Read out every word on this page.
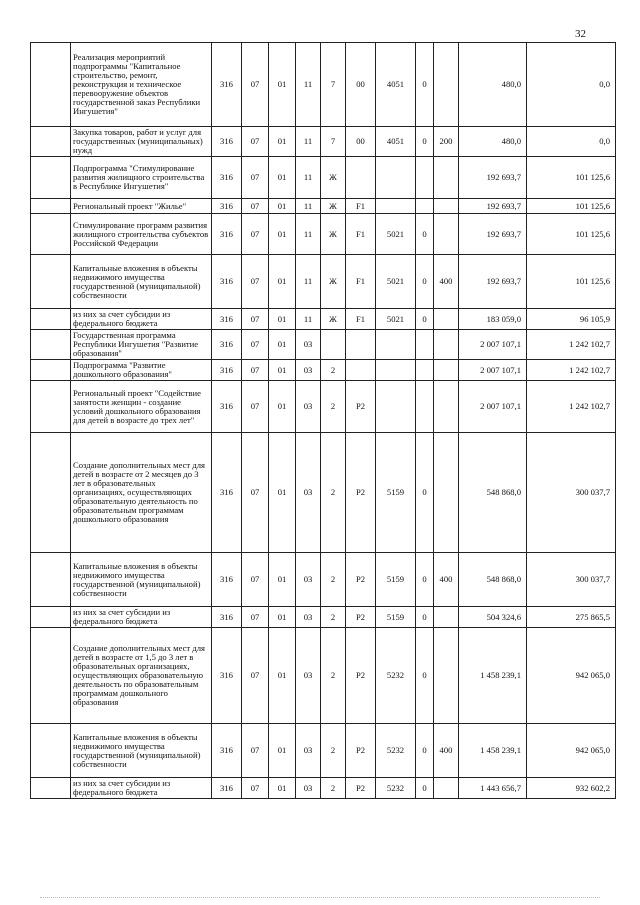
32
	Реализация мероприятий подпрограммы "Капитальное строительство, ремонт, реконструкция и техническое перевооружение объектов государственной заказ Республики Ингушетия"	316	07	01	11	7	00	4051	0		480,0	0,0
	Закупка товаров, работ и услуг для государственных (муниципальных) нужд	316	07	01	11	7	00	4051	0	200	480,0	0,0
	Подпрограмма "Стимулирование развития жилищного строительства в Республике Ингушетия"	316	07	01	11	Ж					192 693,7	101 125,6
	Региональный проект "Жилье"	316	07	01	11	Ж	F1				192 693,7	101 125,6
	Стимулирование программ развития жилищного строительства субъектов Российской Федерации	316	07	01	11	Ж	F1	5021	0		192 693,7	101 125,6
	Капитальные вложения в объекты недвижимого имущества государственной (муниципальной) собственности	316	07	01	11	Ж	F1	5021	0	400	192 693,7	101 125,6
	из них за счет субсидии из федерального бюджета	316	07	01	11	Ж	F1	5021	0		183 059,0	96 105,9
	Государственная программа Республики Ингушетия "Развитие образования"	316	07	01	03						2 007 107,1	1 242 102,7
	Подпрограмма "Развитие дошкольного образования"	316	07	01	03	2					2 007 107,1	1 242 102,7
	Региональный проект "Содействие занятости женщин - создание условий дошкольного образования для детей в возрасте до трех лет"	316	07	01	03	2	P2				2 007 107,1	1 242 102,7
	Создание дополнительных мест для детей в возрасте от 2 месяцев до 3 лет в образовательных организациях, осуществляющих образовательную деятельность по образовательным программам дошкольного образования	316	07	01	03	2	P2	5159	0		548 868,0	300 037,7
	Капитальные вложения в объекты недвижимого имущества государственной (муниципальной) собственности	316	07	01	03	2	P2	5159	0	400	548 868,0	300 037,7
	из них за счет субсидии из федерального бюджета	316	07	01	03	2	P2	5159	0		504 324,6	275 865,5
	Создание дополнительных мест для детей в возрасте от 1,5 до 3 лет в образовательных организациях, осуществляющих образовательную деятельность по образовательным программам дошкольного образования	316	07	01	03	2	P2	5232	0		1 458 239,1	942 065,0
	Капитальные вложения в объекты недвижимого имущества государственной (муниципальной) собственности	316	07	01	03	2	P2	5232	0	400	1 458 239,1	942 065,0
	из них за счет субсидии из федерального бюджета	316	07	01	03	2	P2	5232	0		1 443 656,7	932 602,2
